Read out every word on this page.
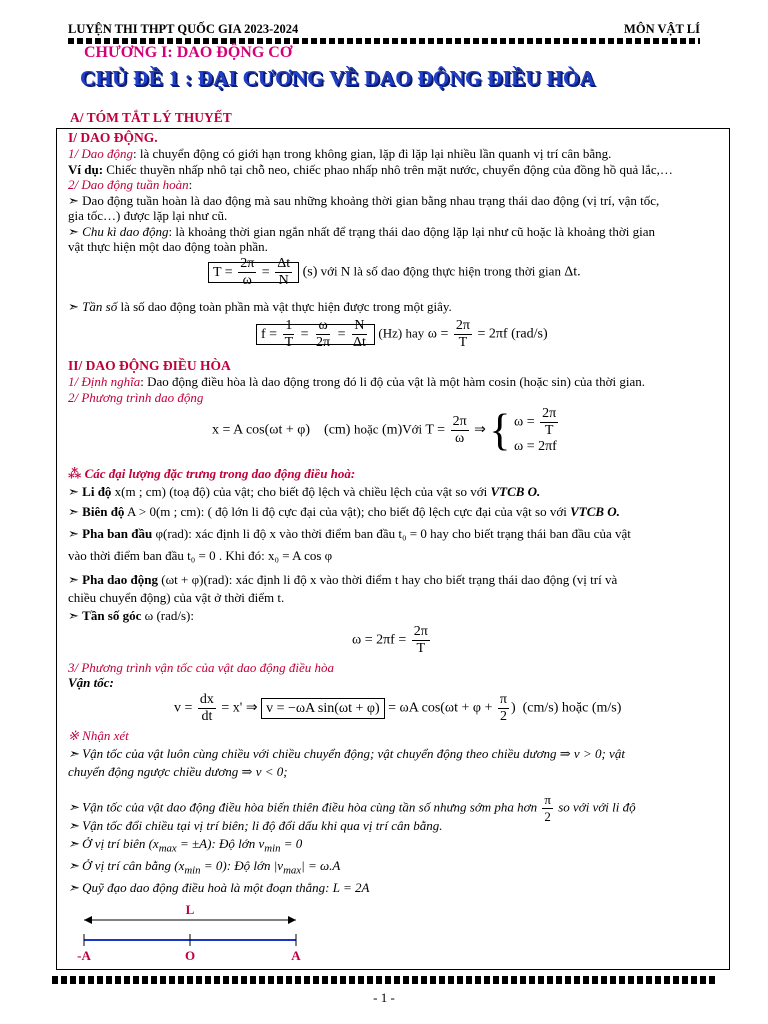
LUYỆN THI THPT QUỐC GIA 2023-2024	MÔN VẬT LÍ
CHƯƠNG I: DAO ĐỘNG CƠ
CHỦ ĐỀ 1 : ĐẠI CƯƠNG VỀ DAO ĐỘNG ĐIỀU HÒA
A/ TÓM TẮT LÝ THUYẾT
I/ DAO ĐỘNG.
1/ Dao động: là chuyển động có giới hạn trong không gian, lặp đi lặp lại nhiều lần quanh vị trí cân bằng.
Ví dụ: Chiếc thuyền nhấp nhô tại chỗ neo, chiếc phao nhấp nhô trên mặt nước, chuyển động của đồng hồ quả lắc,…
2/ Dao động tuần hoàn:
➣ Dao động tuần hoàn là dao động mà sau những khoảng thời gian bằng nhau trạng thái dao động (vị trí, vận tốc,
gia tốc…) được lặp lại như cũ.
➣ Chu kì dao động: là khoảng thời gian ngắn nhất để trạng thái dao động lặp lại như cũ hoặc là khoảng thời gian
vật thực hiện một dao động toàn phần.
$T = \frac{2\pi}{\omega} = \frac{\Delta t}{N} (s)$ với N là số dao động thực hiện trong thời gian Δt.
➣ Tần số là số dao động toàn phần mà vật thực hiện được trong một giây.
$f = \frac{1}{T} = \frac{\omega}{2\pi} = \frac{N}{\Delta t} (Hz)$ hay $\omega = \frac{2\pi}{T} = 2\pi f$ (rad/s)
II/ DAO ĐỘNG ĐIỀU HÒA
1/ Định nghĩa: Dao động điều hòa là dao động trong đó li độ của vật là một hàm cosin (hoặc sin) của thời gian.
2/ Phương trình dao động
x = A cos(ωt + φ)    (cm) hoặc (m)Với $T = \frac{2\pi}{\omega}$ ⇒ { $\omega = \frac{2\pi}{T}$
ω = 2πf
⁂ Các đại lượng đặc trưng trong dao động điều hoà:
➣ Li độ x(m ; cm) (toạ độ) của vật; cho biết độ lệch và chiều lệch của vật so với VTCB O.
➣ Biên độ A > 0(m ; cm): ( độ lớn li độ cực đại của vật); cho biết độ lệch cực đại của vật so với VTCB O.
➣ Pha ban đầu φ(rad): xác định li độ x vào thời điểm ban đầu t₀ = 0 hay cho biết trạng thái ban đầu của vật
vào thời điểm ban đầu t₀ = 0 . Khi đó: x₀ = A cos φ
➣ Pha dao động (ωt + φ)(rad): xác định li độ x vào thời điểm t hay cho biết trạng thái dao động (vị trí và
chiều chuyển động) của vật ở thời điểm t.
➣ Tần số góc ω (rad/s):
$\omega = 2\pi f = \frac{2\pi}{T}$
3/ Phương trình vận tốc của vật dao động điều hòa
Vận tốc:
$v = \frac{dx}{dt} = x'$ ⇒ v = −ωA sin(ωt + φ) = ωA $\cos(\omega t + \varphi + \frac{\pi}{2}$ )  (cm/s) hoặc (m/s)
※ Nhận xét
➣ Vận tốc của vật luôn cùng chiều với chiều chuyển động; vật chuyển động theo chiều dương ⇒ v > 0; vật
chuyển động ngược chiều dương ⇒ v < 0;
➣ Vận tốc của vật dao động điều hòa biến thiên điều hòa cùng tần số nhưng sớm pha hơn $\frac{\pi}{2}$ so với với li độ
➣ Vận tốc đổi chiều tại vị trí biên; li độ đổi dấu khi qua vị trí cân bằng.
➣ Ở vị trí biên $(x_{max} = \pm A)$: Độ lớn $v_{min} = 0$
➣ Ở vị trí cân bằng $(x_{min} = 0)$: Độ lớn $|v_{max}| = \omega.A$
➣ Quỹ đạo dao động điều hoà là một đoạn thẳng: L = 2A
L
-A	O	A
- 1 -
